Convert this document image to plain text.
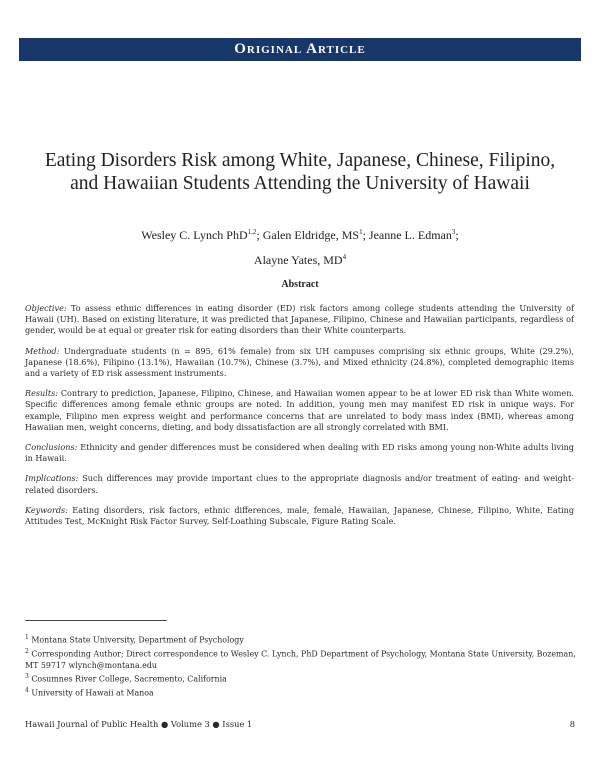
Original Article
Eating Disorders Risk among White, Japanese, Chinese, Filipino, and Hawaiian Students Attending the University of Hawaii
Wesley C. Lynch PhD$^{1,2}$; Galen Eldridge, $MS^1$; Jeanne L. Edman$^3$;
Alayne Yates, $MD^4$
Abstract

Objective: To assess ethnic differences in eating disorder (ED) risk factors among college students attending the University of Hawaii (UH). Based on existing literature, it was predicted that Japanese, Filipino, Chinese and Hawaiian participants, regardless of gender, would be at equal or greater risk for eating disorders than their White counterparts.

Method: Undergraduate students (n = 895, 61% female) from six UH campuses comprising six ethnic groups, White (29.2%), Japanese (18.6%), Filipino (13.1%), Hawaiian (10.7%), Chinese (3.7%), and Mixed ethnicity (24.8%), completed demographic items and a variety of ED risk assessment instruments.

Results: Contrary to prediction, Japanese, Filipino, Chinese, and Hawaiian women appear to be at lower ED risk than White women. Specific differences among female ethnic groups are noted. In addition, young men may manifest ED risk in unique ways. For example, Filipino men express weight and performance concerns that are unrelated to body mass index (BMI), whereas among Hawaiian men, weight concerns, dieting, and body dissatisfaction are all strongly correlated with BMI.

Conclusions: Ethnicity and gender differences must be considered when dealing with ED risks among young non-White adults living in Hawaii.

Implications: Such differences may provide important clues to the appropriate diagnosis and/or treatment of eating- and weight-related disorders.

Keywords: Eating disorders, risk factors, ethnic differences, male, female, Hawaiian, Japanese, Chinese, Filipino, White, Eating Attitudes Test, McKnight Risk Factor Survey, Self-Loathing Subscale, Figure Rating Scale.

$^1$ Montana State University, Department of Psychology
$^2$ Corresponding Author; Direct correspondence to Wesley C. Lynch, PhD Department of Psychology, Montana State University, Bozeman, MT 59717 wlynch@montana.edu
$^3$ Cosumnes River College, Sacremento, California
$^4$ University of Hawaii at Manoa
Hawaii Journal of Public Health ● Volume 3 ● Issue 1	8
